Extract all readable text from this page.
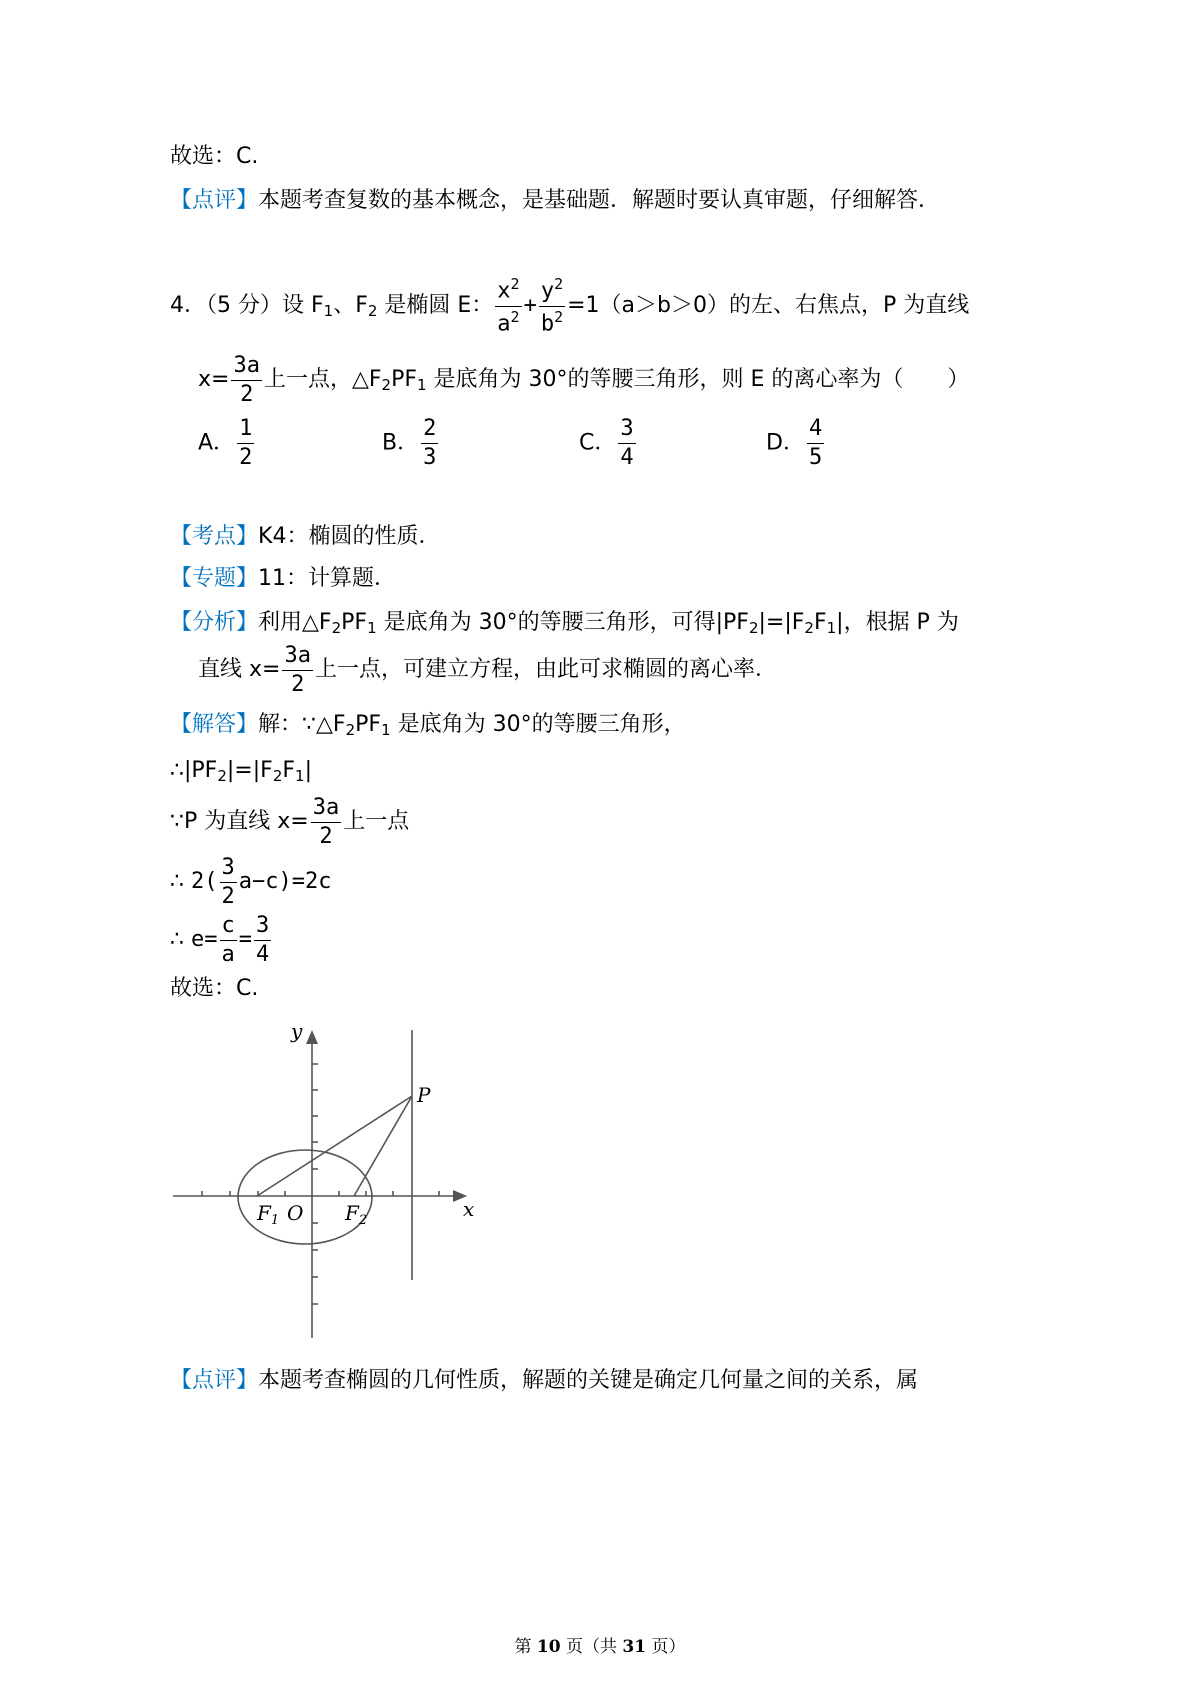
故选：C.
【点评】本题考查复数的基本概念，是基础题．解题时要认真审题，仔细解答．
4．（5 分）设 $F_1$、$F_2$ 是椭圆 E： $\frac{x^2}{a^2} + \frac{y^2}{b^2} =1(a>b>0)$的左、右焦点，P 为直线
$x= \frac{3a}{2}$ 上一点，$\triangle F_2PF_1$ 是底角为 30°的等腰三角形，则 E 的离心率为（　　）
A． $\frac{1}{2}$	B． $\frac{2}{3}$	C． $\frac{3}{4}$	D． $\frac{4}{5}$
【考点】K4：椭圆的性质．
【专题】11：计算题．
【分析】利用$\triangle F_2PF_1$ 是底角为 30°的等腰三角形，可得$|PF_2|=|F_2F_1|$，根据 P 为
直线 $x= \frac{3a}{2}$ 上一点，可建立方程，由此可求椭圆的离心率．
【解答】解：$\because\triangle F_2PF_1$ 是底角为 30°的等腰三角形，
$\therefore|PF_2|=|F_2F_1|$
∵P 为直线 $x= \frac{3a}{2}$ 上一点
∴ $2( \frac{3}{2} a-c)=2c$
∴ $e= \frac{c}{a} = \frac{3}{4}$
故选：C.
y
x
P
O
$F_1$	$F_2$
【点评】本题考查椭圆的几何性质，解题的关键是确定几何量之间的关系，属
第 10 页（共 31 页）
